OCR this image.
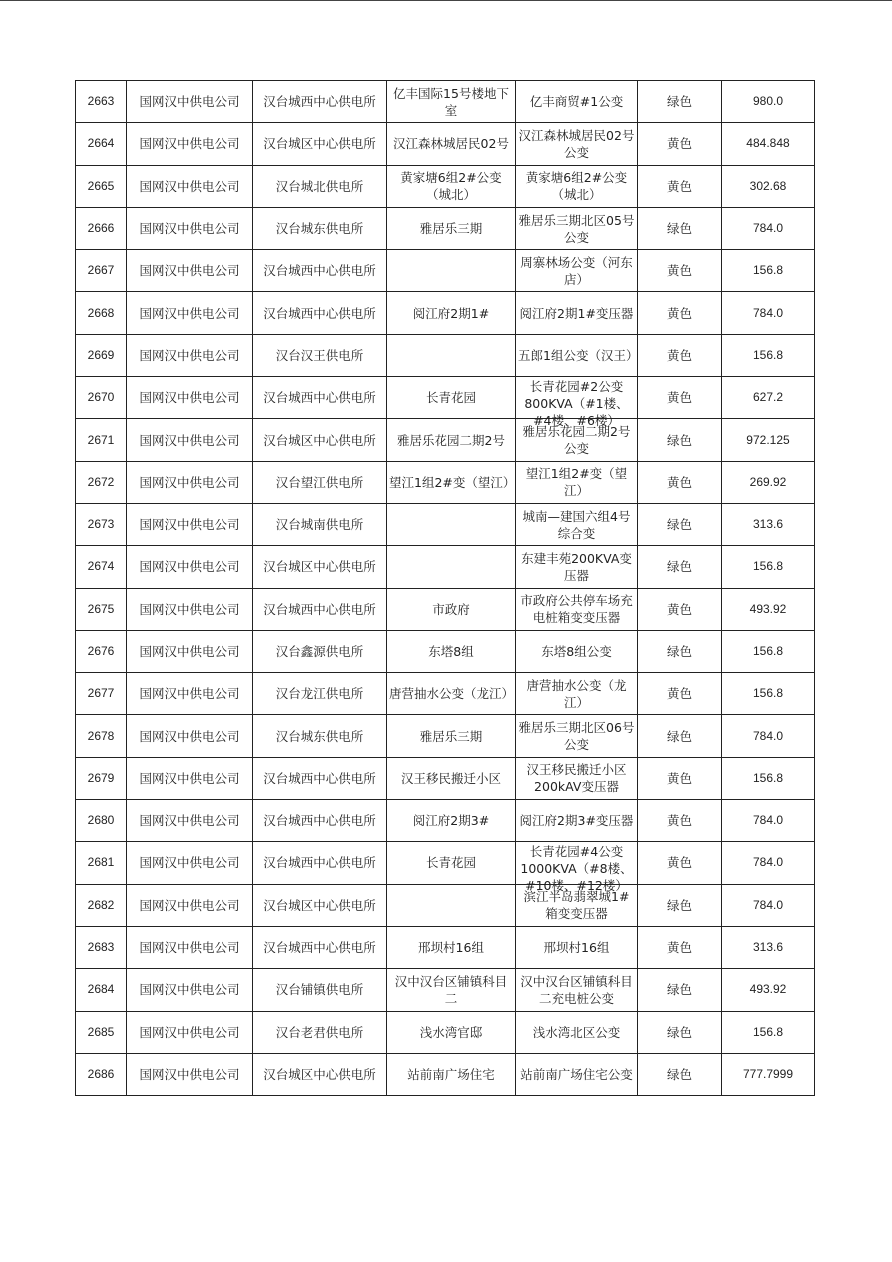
2663	国网汉中供电公司	汉台城西中心供电所	亿丰国际15号楼地下室	亿丰商贸#1公变	绿色	980.0

2664	国网汉中供电公司	汉台城区中心供电所	汉江森林城居民02号	汉江森林城居民02号公变	黄色	484.848

2665	国网汉中供电公司	汉台城北供电所	黄家塘6组2#公变（城北）	黄家塘6组2#公变（城北）	黄色	302.68

2666	国网汉中供电公司	汉台城东供电所	雅居乐三期	雅居乐三期北区05号公变	绿色	784.0

2667	国网汉中供电公司	汉台城西中心供电所		周寨林场公变（河东店）	黄色	156.8

2668	国网汉中供电公司	汉台城西中心供电所	阅江府2期1#	阅江府2期1#变压器	黄色	784.0

2669	国网汉中供电公司	汉台汉王供电所		五郎1组公变（汉王）	黄色	156.8

2670	国网汉中供电公司	汉台城西中心供电所	长青花园	长青花园#2公变800KVA（#1楼、#4楼、#6楼）	黄色	627.2

2671	国网汉中供电公司	汉台城区中心供电所	雅居乐花园二期2号	雅居乐花园二期2号公变	绿色	972.125

2672	国网汉中供电公司	汉台望江供电所	望江1组2#变（望江）	望江1组2#变（望江）	黄色	269.92

2673	国网汉中供电公司	汉台城南供电所		城南—建国六组4号综合变	绿色	313.6

2674	国网汉中供电公司	汉台城区中心供电所		东建丰苑200KVA变压器	绿色	156.8

2675	国网汉中供电公司	汉台城西中心供电所	市政府	市政府公共停车场充电桩箱变变压器	黄色	493.92

2676	国网汉中供电公司	汉台鑫源供电所	东塔8组	东塔8组公变	绿色	156.8

2677	国网汉中供电公司	汉台龙江供电所	唐营抽水公变（龙江）	唐营抽水公变（龙江）	黄色	156.8

2678	国网汉中供电公司	汉台城东供电所	雅居乐三期	雅居乐三期北区06号公变	绿色	784.0

2679	国网汉中供电公司	汉台城西中心供电所	汉王移民搬迁小区	汉王移民搬迁小区200kAV变压器	黄色	156.8

2680	国网汉中供电公司	汉台城西中心供电所	阅江府2期3#	阅江府2期3#变压器	黄色	784.0

2681	国网汉中供电公司	汉台城西中心供电所	长青花园	长青花园#4公变1000KVA（#8楼、#10楼、#12楼）	黄色	784.0

2682	国网汉中供电公司	汉台城区中心供电所		滨江半岛翡翠城1#箱变变压器	绿色	784.0

2683	国网汉中供电公司	汉台城西中心供电所	邢坝村16组	邢坝村16组	黄色	313.6

2684	国网汉中供电公司	汉台铺镇供电所	汉中汉台区铺镇科目二	汉中汉台区铺镇科目二充电桩公变	绿色	493.92

2685	国网汉中供电公司	汉台老君供电所	浅水湾官邸	浅水湾北区公变	绿色	156.8

2686	国网汉中供电公司	汉台城区中心供电所	站前南广场住宅	站前南广场住宅公变	绿色	777.7999
